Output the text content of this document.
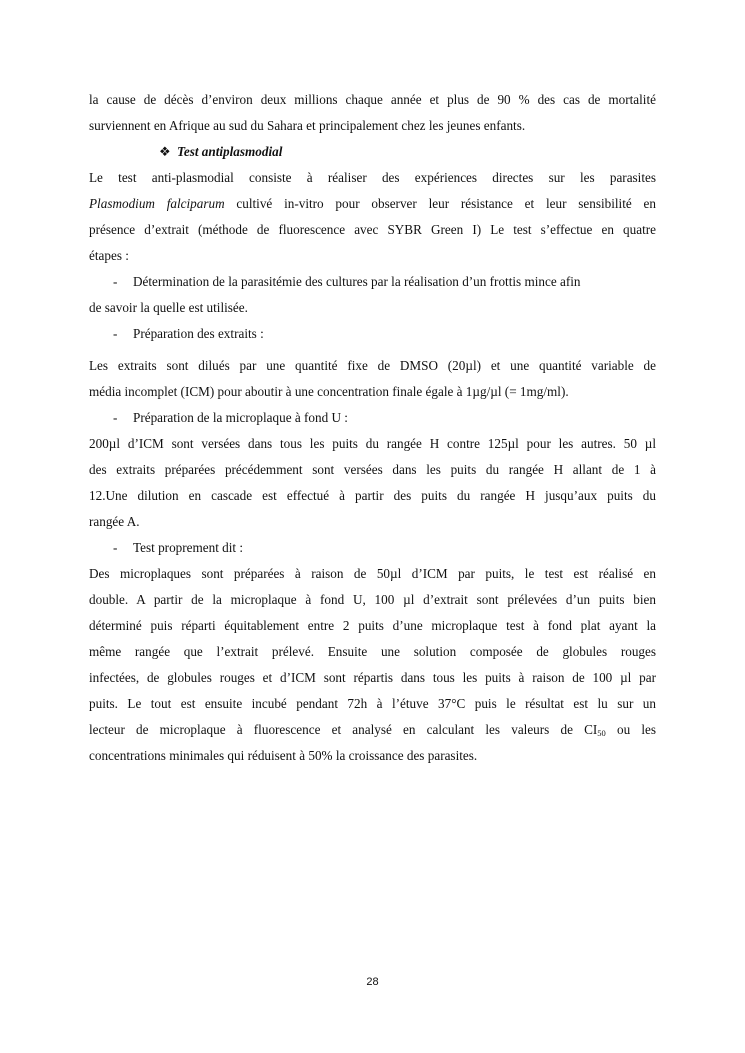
la cause de décès d’environ deux millions chaque année et plus de 90 % des cas de mortalité

surviennent en Afrique au sud du Sahara et principalement chez les jeunes enfants.

❖ Test antiplasmodial

Le test anti-plasmodial consiste à réaliser des expériences directes sur les parasites

Plasmodium falciparum cultivé in-vitro pour observer leur résistance et leur sensibilité en

présence d’extrait (méthode de fluorescence avec SYBR Green I) Le test s’effectue en quatre

étapes :

- Détermination de la parasitémie des cultures par la réalisation d’un frottis mince afin

de savoir la quelle est utilisée.

- Préparation des extraits :

Les extraits sont dilués par une quantité fixe de DMSO (20µl) et une quantité variable de

média incomplet (ICM) pour aboutir à une concentration finale égale à 1µg/µl (= 1mg/ml).

- Préparation de la microplaque à fond U :

200µl d’ICM sont versées dans tous les puits du rangée H contre 125µl pour les autres. 50 µl

des extraits préparées précédemment sont versées dans les puits du rangée H allant de 1 à

12.Une dilution en cascade est effectué à partir des puits du rangée H jusqu’aux puits du

rangée A.

- Test proprement dit :

Des microplaques sont préparées à raison de 50µl d’ICM par puits, le test est réalisé en

double. A partir de la microplaque à fond U, 100 µl d’extrait sont prélevées d’un puits bien

déterminé puis réparti équitablement entre 2 puits d’une microplaque test à fond plat ayant la

même rangée que l’extrait prélevé. Ensuite une solution composée de globules rouges

infectées, de globules rouges et d’ICM sont répartis dans tous les puits à raison de 100 µl par

puits. Le tout est ensuite incubé pendant 72h à l’étuve 37°C puis le résultat est lu sur un

lecteur de microplaque à fluorescence et analysé en calculant les valeurs de $CI_{50}$ ou les

concentrations minimales qui réduisent à 50% la croissance des parasites.

28
